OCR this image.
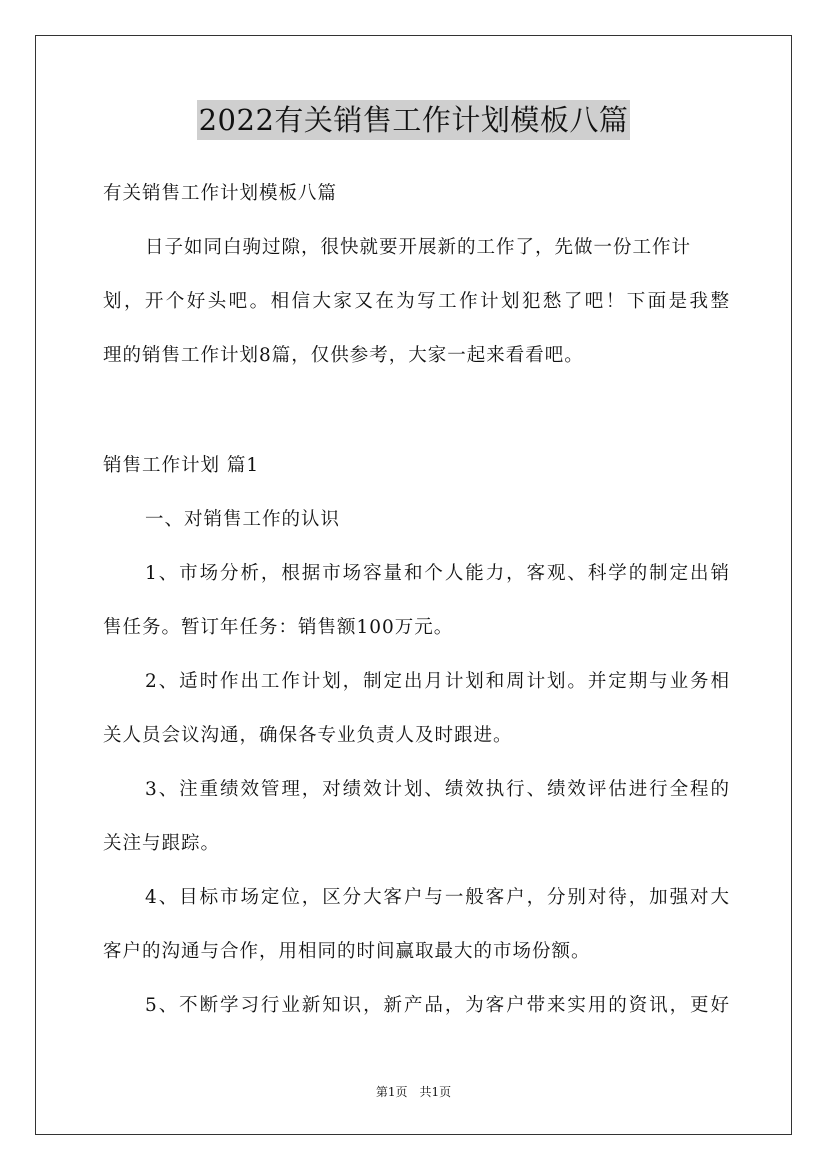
2022有关销售工作计划模板八篇
有关销售工作计划模板八篇
日子如同白驹过隙，很快就要开展新的工作了，先做一份工作计
划，开个好头吧。相信大家又在为写工作计划犯愁了吧！下面是我整
理的销售工作计划8篇，仅供参考，大家一起来看看吧。
销售工作计划 篇1
一、对销售工作的认识
1、市场分析，根据市场容量和个人能力，客观、科学的制定出销
售任务。暂订年任务：销售额100万元。
2、适时作出工作计划，制定出月计划和周计划。并定期与业务相
关人员会议沟通，确保各专业负责人及时跟进。
3、注重绩效管理，对绩效计划、绩效执行、绩效评估进行全程的
关注与跟踪。
4、目标市场定位，区分大客户与一般客户，分别对待，加强对大
客户的沟通与合作，用相同的时间赢取最大的市场份额。
5、不断学习行业新知识，新产品，为客户带来实用的资讯，更好
第1页 共1页
